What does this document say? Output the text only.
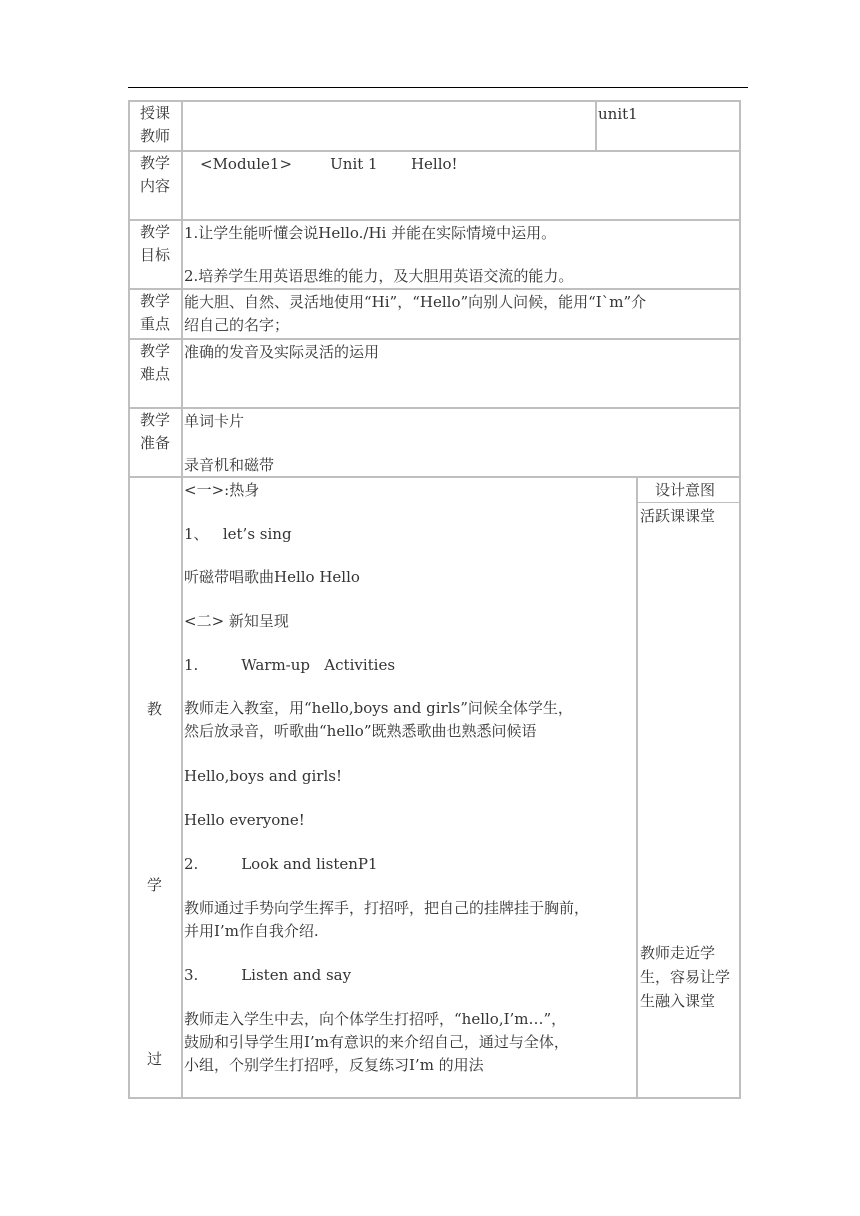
授课
教师
unit1
教学
内容
<Module1>        Unit 1       Hello!
教学
目标
1.让学生能听懂会说Hello./Hi 并能在实际情境中运用。
2.培养学生用英语思维的能力，及大胆用英语交流的能力。
教学
重点
能大胆、自然、灵活地使用“Hi”，“Hello”向别人问候，能用“I`m”介
绍自己的名字；
教学
难点
准确的发音及实际灵活的运用
教学
准备
单词卡片
录音机和磁带
教
学
过
设计意图
活跃课课堂
教师走近学
生，容易让学
生融入课堂
<一>:热身
1、   let’s sing
听磁带唱歌曲Hello Hello
<二> 新知呈现
1.         Warm-up   Activities
教师走入教室，用“hello,boys and girls”问候全体学生，
然后放录音，听歌曲“hello”既熟悉歌曲也熟悉问候语
Hello,boys and girls!
Hello everyone!
2.         Look and listenP1
教师通过手势向学生挥手，打招呼，把自己的挂牌挂于胸前，
并用I’m作自我介绍.
3.         Listen and say
教师走入学生中去，向个体学生打招呼，“hello,I’m…”，
鼓励和引导学生用I’m有意识的来介绍自己，通过与全体，
小组，个别学生打招呼，反复练习I’m 的用法
